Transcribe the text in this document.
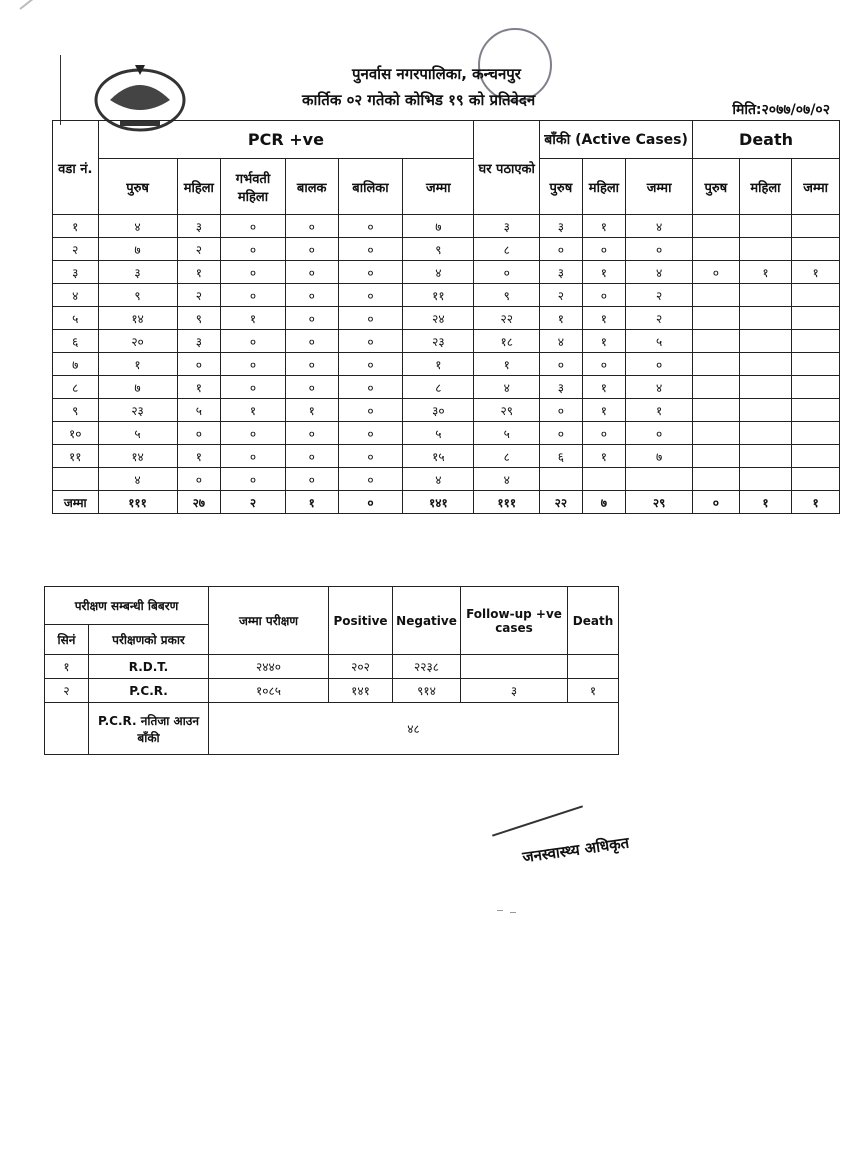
पुनर्वास नगरपालिका, कन्चनपुर
कार्तिक ०२ गतेको कोभिड १९ को प्रतिवेदन
मिति:२०७७/०७/०२
वडा नं.	PCR +ve						घर पठाएको	बाँकी (Active Cases)			Death		
	पुरुष	महिला	गर्भवती महिला	बालक	बालिका	जम्मा		पुरुष	महिला	जम्मा	पुरुष	महिला	जम्मा
१	४	३	०	०	०	७	३	३	१	४			
२	७	२	०	०	०	९	८	०	०	०			
३	३	१	०	०	०	४	०	३	१	४	०	१	१
४	९	२	०	०	०	११	९	२	०	२			
५	१४	९	१	०	०	२४	२२	१	१	२			
६	२०	३	०	०	०	२३	१८	४	१	५			
७	१	०	०	०	०	१	१	०	०	०			
८	७	१	०	०	०	८	४	३	१	४			
९	२३	५	१	१	०	३०	२९	०	१	१			
१०	५	०	०	०	०	५	५	०	०	०			
११	१४	१	०	०	०	१५	८	६	१	७			
	४	०	०	०	०	४	४						
जम्मा	१११	२७	२	१	०	१४१	१११	२२	७	२९	०	१	१
परीक्षण सम्बन्धी बिबरण		जम्मा परीक्षण	Positive	Negative	Follow-up +ve cases	Death
सिनं	परीक्षणको प्रकार					
१	R.D.T.	२४४०	२०२	२२३८		
२	P.C.R.	१०८५	१४१	९१४	३	१
	P.C.R. नतिजा आउन बाँकी	४८				
जनस्वास्थ्य अधिकृत
